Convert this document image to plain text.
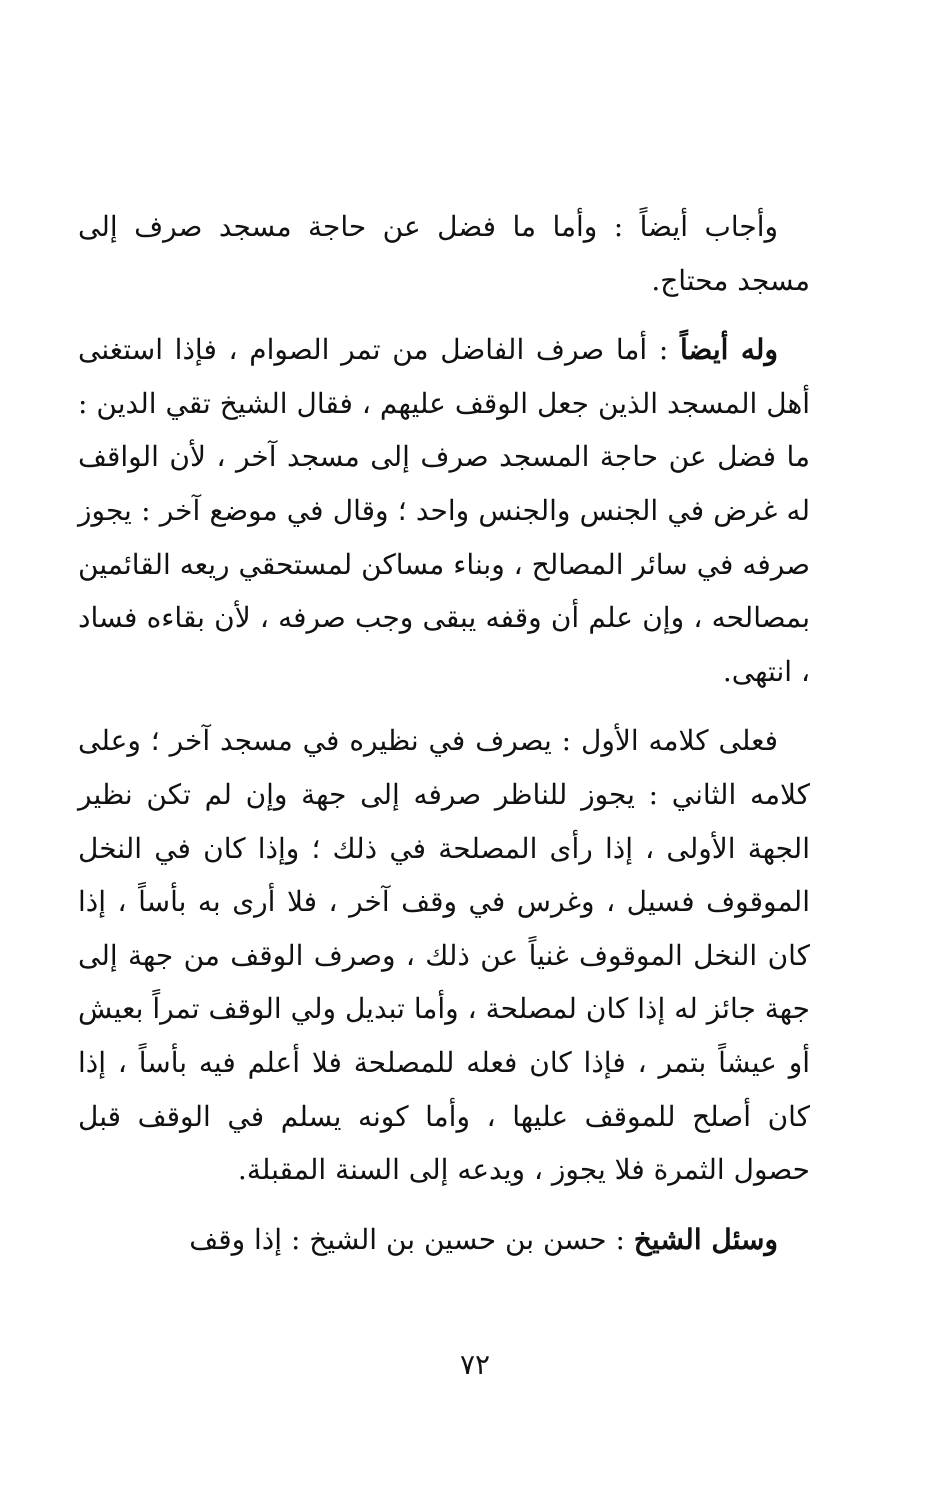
وأجاب أيضاً : وأما ما فضل عن حاجة مسجد صرف إلى مسجد محتاج.

وله أيضاً : أما صرف الفاضل من تمر الصوام ، فإذا استغنى أهل المسجد الذين جعل الوقف عليهم ، فقال الشيخ تقي الدين : ما فضل عن حاجة المسجد صرف إلى مسجد آخر ، لأن الواقف له غرض في الجنس والجنس واحد ؛ وقال في موضع آخر : يجوز صرفه في سائر المصالح ، وبناء مساكن لمستحقي ريعه القائمين بمصالحه ، وإن علم أن وقفه يبقى وجب صرفه ، لأن بقاءه فساد ، انتهى.

فعلى كلامه الأول : يصرف في نظيره في مسجد آخر ؛ وعلى كلامه الثاني : يجوز للناظر صرفه إلى جهة وإن لم تكن نظير الجهة الأولى ، إذا رأى المصلحة في ذلك ؛ وإذا كان في النخل الموقوف فسيل ، وغرس في وقف آخر ، فلا أرى به بأساً ، إذا كان النخل الموقوف غنياً عن ذلك ، وصرف الوقف من جهة إلى جهة جائز له إذا كان لمصلحة ، وأما تبديل ولي الوقف تمراً بعيش أو عيشاً بتمر ، فإذا كان فعله للمصلحة فلا أعلم فيه بأساً ، إذا كان أصلح للموقف عليها ، وأما كونه يسلم في الوقف قبل حصول الثمرة فلا يجوز ، ويدعه إلى السنة المقبلة.

وسئل الشيخ : حسن بن حسين بن الشيخ : إذا وقف

٧٢
